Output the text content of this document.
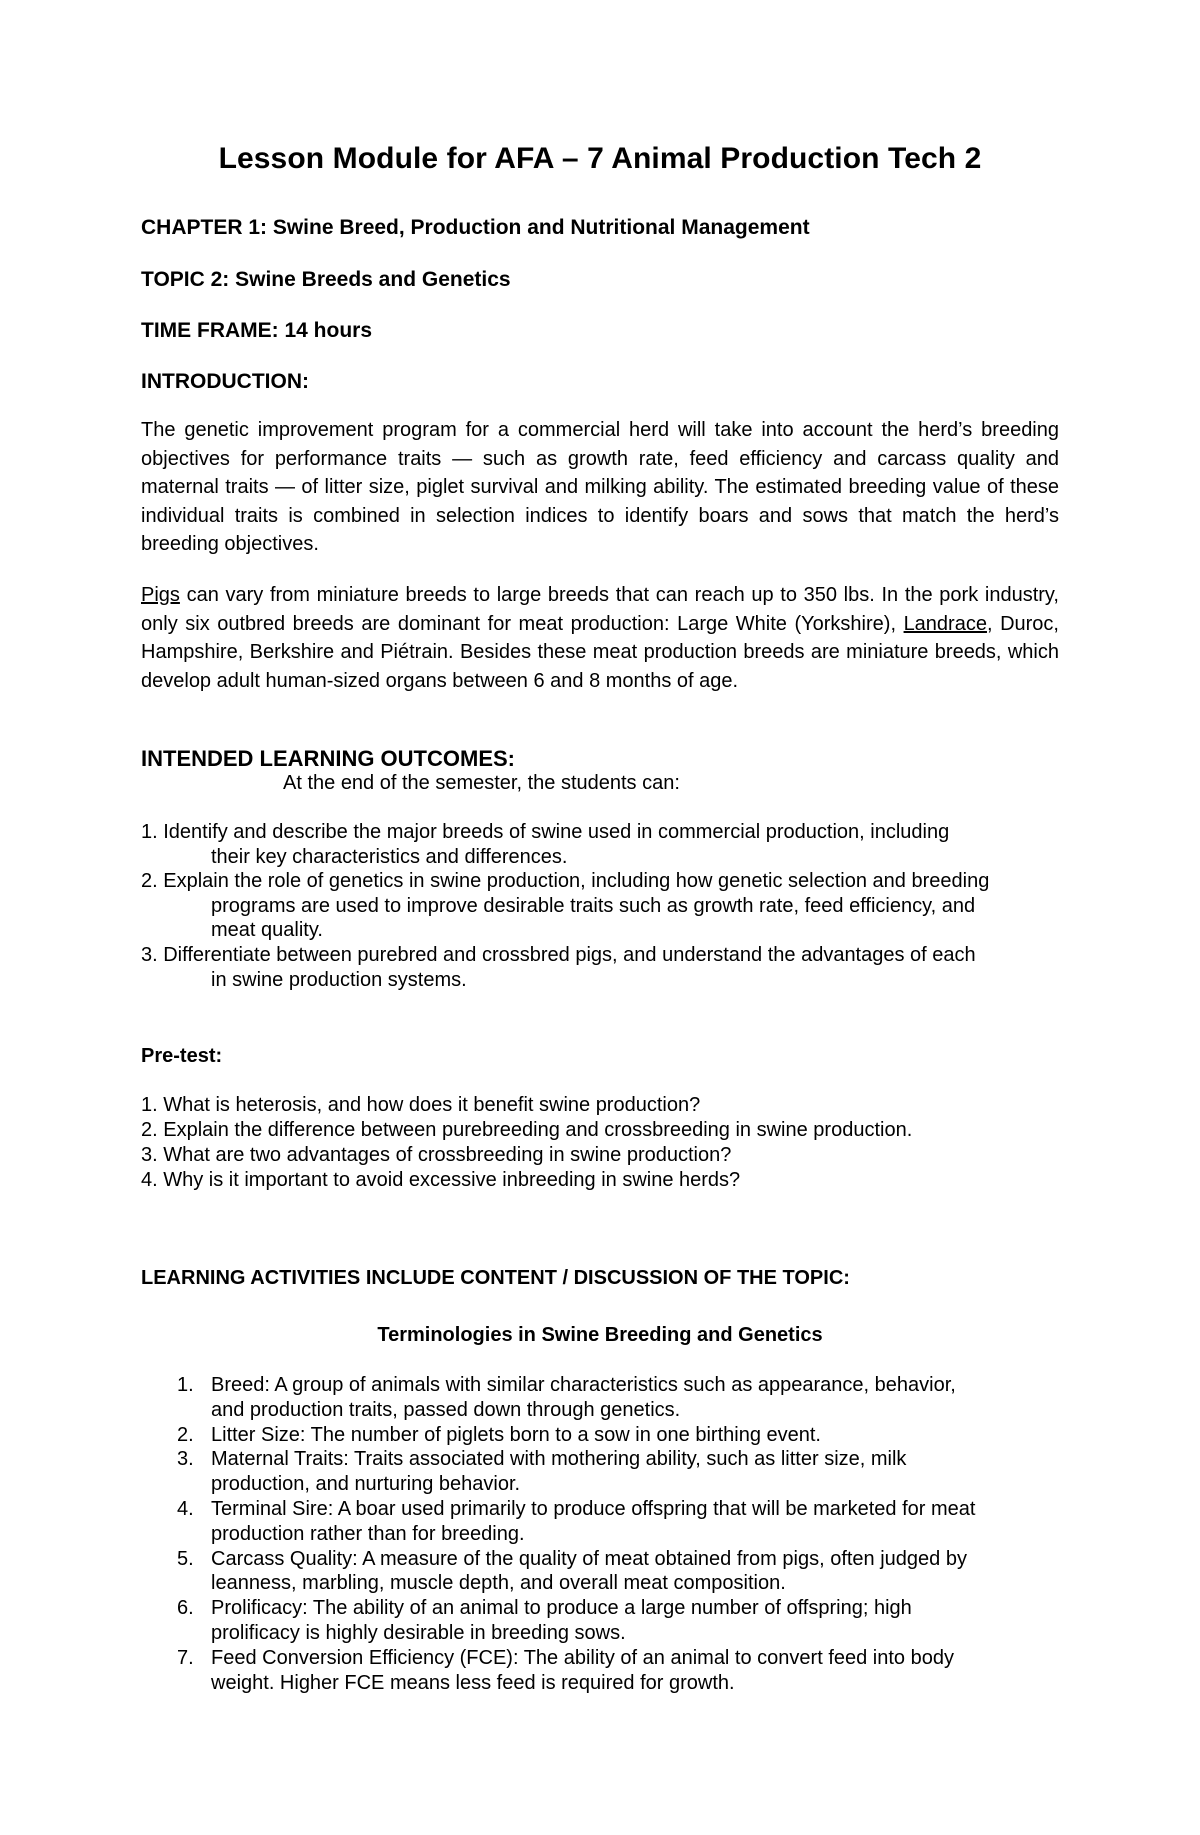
Lesson Module for AFA – 7 Animal Production Tech 2
CHAPTER 1: Swine Breed, Production and Nutritional Management
TOPIC 2: Swine Breeds and Genetics
TIME FRAME: 14 hours
INTRODUCTION:

The genetic improvement program for a commercial herd will take into account the herd’s breeding objectives for performance traits — such as growth rate, feed efficiency and carcass quality and maternal traits — of litter size, piglet survival and milking ability. The estimated breeding value of these individual traits is combined in selection indices to identify boars and sows that match the herd’s breeding objectives.

Pigs can vary from miniature breeds to large breeds that can reach up to 350 lbs. In the pork industry, only six outbred breeds are dominant for meat production: Large White (Yorkshire), Landrace, Duroc, Hampshire, Berkshire and Piétrain. Besides these meat production breeds are miniature breeds, which develop adult human-sized organs between 6 and 8 months of age.

INTENDED LEARNING OUTCOMES:
At the end of the semester, the students can:
1. Identify and describe the major breeds of swine used in commercial production, including
their key characteristics and differences.
2. Explain the role of genetics in swine production, including how genetic selection and breeding
programs are used to improve desirable traits such as growth rate, feed efficiency, and meat quality.
3. Differentiate between purebred and crossbred pigs, and understand the advantages of each
in swine production systems.
Pre-test:
1. What is heterosis, and how does it benefit swine production?
2. Explain the difference between purebreeding and crossbreeding in swine production.
3. What are two advantages of crossbreeding in swine production?
4. Why is it important to avoid excessive inbreeding in swine herds?
LEARNING ACTIVITIES INCLUDE CONTENT / DISCUSSION OF THE TOPIC:
Terminologies in Swine Breeding and Genetics
1. Breed: A group of animals with similar characteristics such as appearance, behavior, and production traits, passed down through genetics.
2. Litter Size: The number of piglets born to a sow in one birthing event.
3. Maternal Traits: Traits associated with mothering ability, such as litter size, milk production, and nurturing behavior.
4. Terminal Sire: A boar used primarily to produce offspring that will be marketed for meat production rather than for breeding.
5. Carcass Quality: A measure of the quality of meat obtained from pigs, often judged by leanness, marbling, muscle depth, and overall meat composition.
6. Prolificacy: The ability of an animal to produce a large number of offspring; high prolificacy is highly desirable in breeding sows.
7. Feed Conversion Efficiency (FCE): The ability of an animal to convert feed into body weight. Higher FCE means less feed is required for growth.
